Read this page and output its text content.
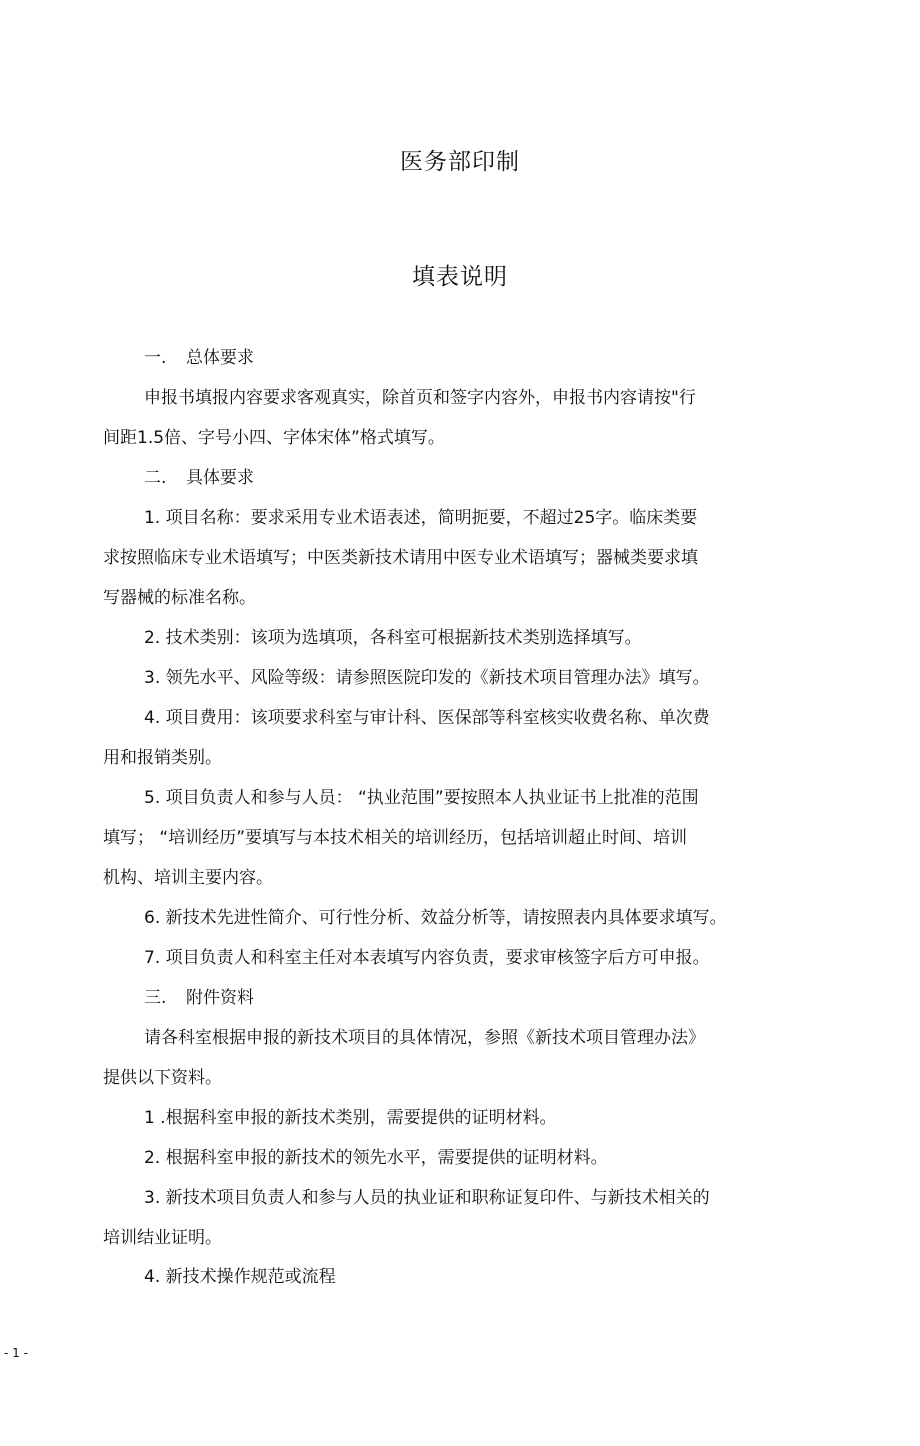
医务部印制
填表说明
一. 总体要求
申报书填报内容要求客观真实，除首页和签字内容外，申报书内容请按"行
间距1.5倍、字号小四、字体宋体”格式填写。
二. 具体要求
1. 项目名称：要求采用专业术语表述，简明扼要，不超过25字。临床类要
求按照临床专业术语填写；中医类新技术请用中医专业术语填写；器械类要求填
写器械的标准名称。
2. 技术类别：该项为选填项，各科室可根据新技术类别选择填写。
3. 领先水平、风险等级：请参照医院印发的《新技术项目管理办法》填写。
4. 项目费用：该项要求科室与审计科、医保部等科室核实收费名称、单次费
用和报销类别。
5. 项目负责人和参与人员： “执业范围”要按照本人执业证书上批准的范围
填写； “培训经历”要填写与本技术相关的培训经历，包括培训超止时间、培训
机构、培训主要内容。
6. 新技术先进性简介、可行性分析、效益分析等，请按照表内具体要求填写。
7. 项目负责人和科室主任对本表填写内容负责，要求审核签字后方可申报。
三. 附件资料
请各科室根据申报的新技术项目的具体情况，参照《新技术项目管理办法》
提供以下资料。
1 .根据科室申报的新技术类别，需要提供的证明材料。
2. 根据科室申报的新技术的领先水平，需要提供的证明材料。
3. 新技术项目负责人和参与人员的执业证和职称证复印件、与新技术相关的
培训结业证明。
4. 新技术操作规范或流程
- 1 -
